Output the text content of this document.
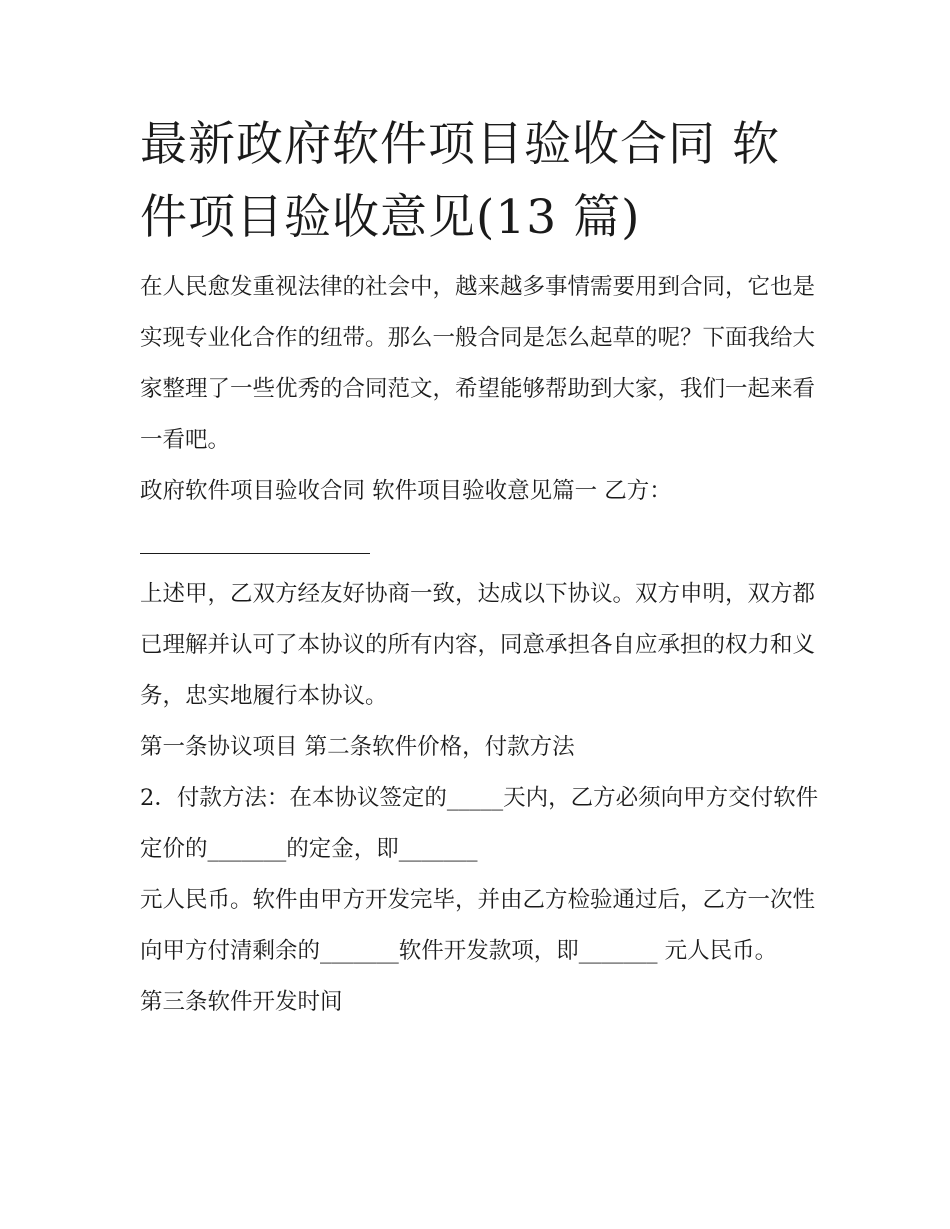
最新政府软件项目验收合同 软件项目验收意见(13 篇)

在人民愈发重视法律的社会中，越来越多事情需要用到合同，它也是实现专业化合作的纽带。那么一般合同是怎么起草的呢？下面我给大家整理了一些优秀的合同范文，希望能够帮助到大家，我们一起来看一看吧。

政府软件项目验收合同 软件项目验收意见篇一 乙方：

上述甲，乙双方经友好协商一致，达成以下协议。双方申明，双方都已理解并认可了本协议的所有内容，同意承担各自应承担的权力和义务，忠实地履行本协议。

第一条协议项目 第二条软件价格，付款方法

2．付款方法：在本协议签定的_____天内，乙方必须向甲方交付软件定价的_______的定金，即_______

元人民币。软件由甲方开发完毕，并由乙方检验通过后，乙方一次性向甲方付清剩余的_______软件开发款项，即_______ 元人民币。

第三条软件开发时间
